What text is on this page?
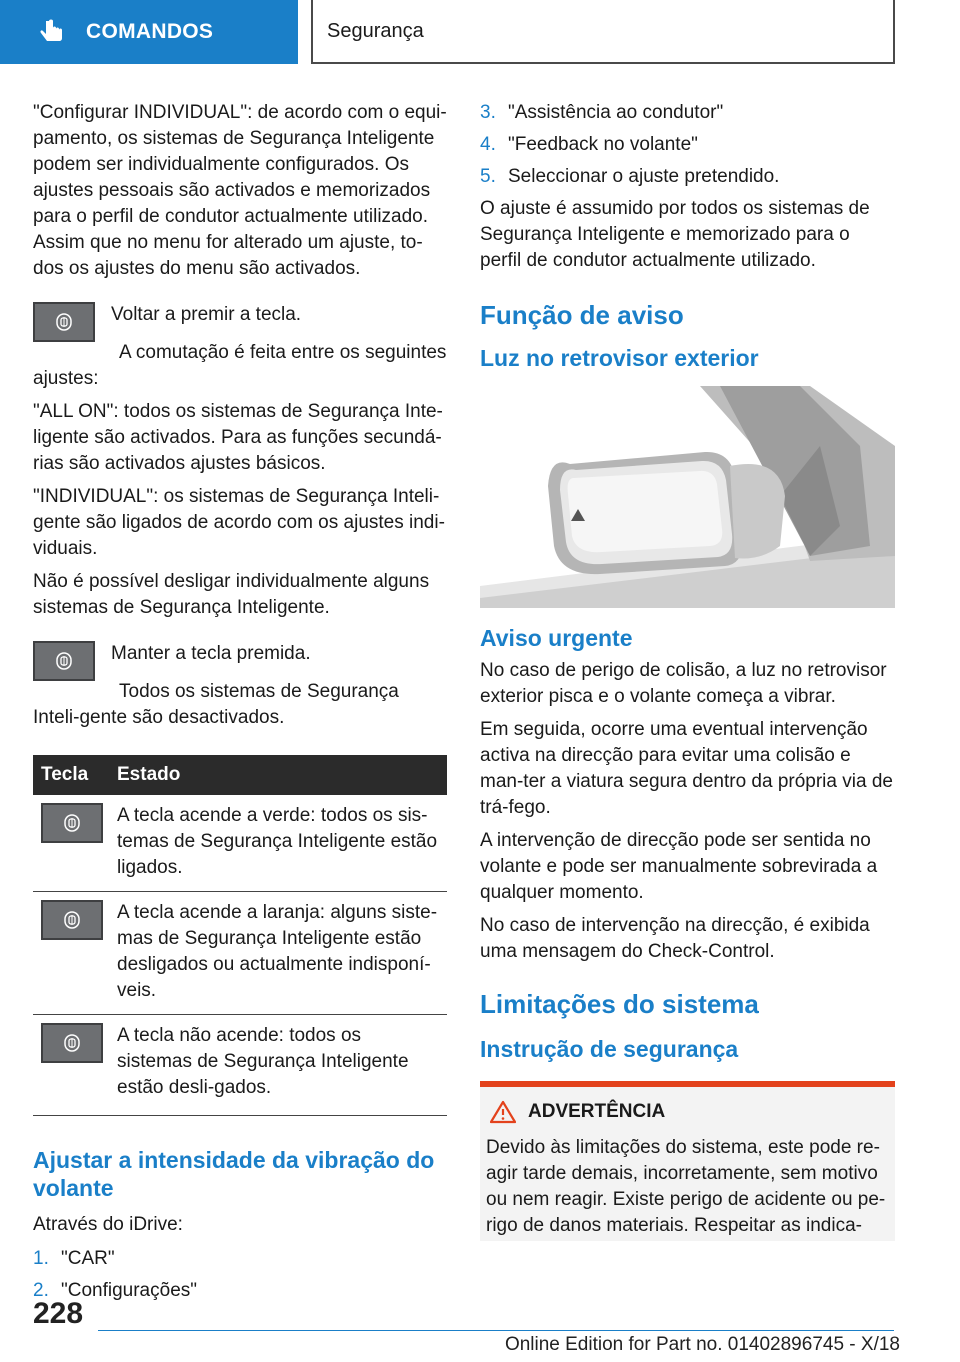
COMANDOS	Segurança

"Configurar INDIVIDUAL": de acordo com o equi-pamento, os sistemas de Segurança Inteligente podem ser individualmente configurados. Os ajustes pessoais são activados e memorizados para o perfil de condutor actualmente utilizado. Assim que no menu for alterado um ajuste, to-dos os ajustes do menu são activados.

Voltar a premir a tecla.

A comutação é feita entre os seguintes ajustes:

"ALL ON": todos os sistemas de Segurança Inte-ligente são activados. Para as funções secundá-rias são activados ajustes básicos.

"INDIVIDUAL": os sistemas de Segurança Inteli-gente são ligados de acordo com os ajustes indi-viduais.

Não é possível desligar individualmente alguns sistemas de Segurança Inteligente.

Manter a tecla premida.

Todos os sistemas de Segurança Inteli-gente são desactivados.

Tecla	Estado

	A tecla acende a verde: todos os sis-temas de Segurança Inteligente estão ligados.

	A tecla acende a laranja: alguns siste-mas de Segurança Inteligente estão desligados ou actualmente indisponí-veis.

	A tecla não acende: todos os sistemas de Segurança Inteligente estão desli-gados.
Ajustar a intensidade da vibração do volante

Através do iDrive:

1. "CAR"
2. "Configurações"
3. "Assistência ao condutor"
4. "Feedback no volante"
5. Seleccionar o ajuste pretendido.

O ajuste é assumido por todos os sistemas de Segurança Inteligente e memorizado para o perfil de condutor actualmente utilizado.

Função de aviso
Luz no retrovisor exterior
Aviso urgente

No caso de perigo de colisão, a luz no retrovisor exterior pisca e o volante começa a vibrar.

Em seguida, ocorre uma eventual intervenção activa na direcção para evitar uma colisão e man-ter a viatura segura dentro da própria via de trá-fego.

A intervenção de direcção pode ser sentida no volante e pode ser manualmente sobrevirada a qualquer momento.

No caso de intervenção na direcção, é exibida uma mensagem do Check-Control.

Limitações do sistema
Instrução de segurança
ADVERTÊNCIA

Devido às limitações do sistema, este pode re-agir tarde demais, incorretamente, sem motivo ou nem reagir. Existe perigo de acidente ou pe-rigo de danos materiais. Respeitar as indica-

228
Online Edition for Part no. 01402896745 - X/18
